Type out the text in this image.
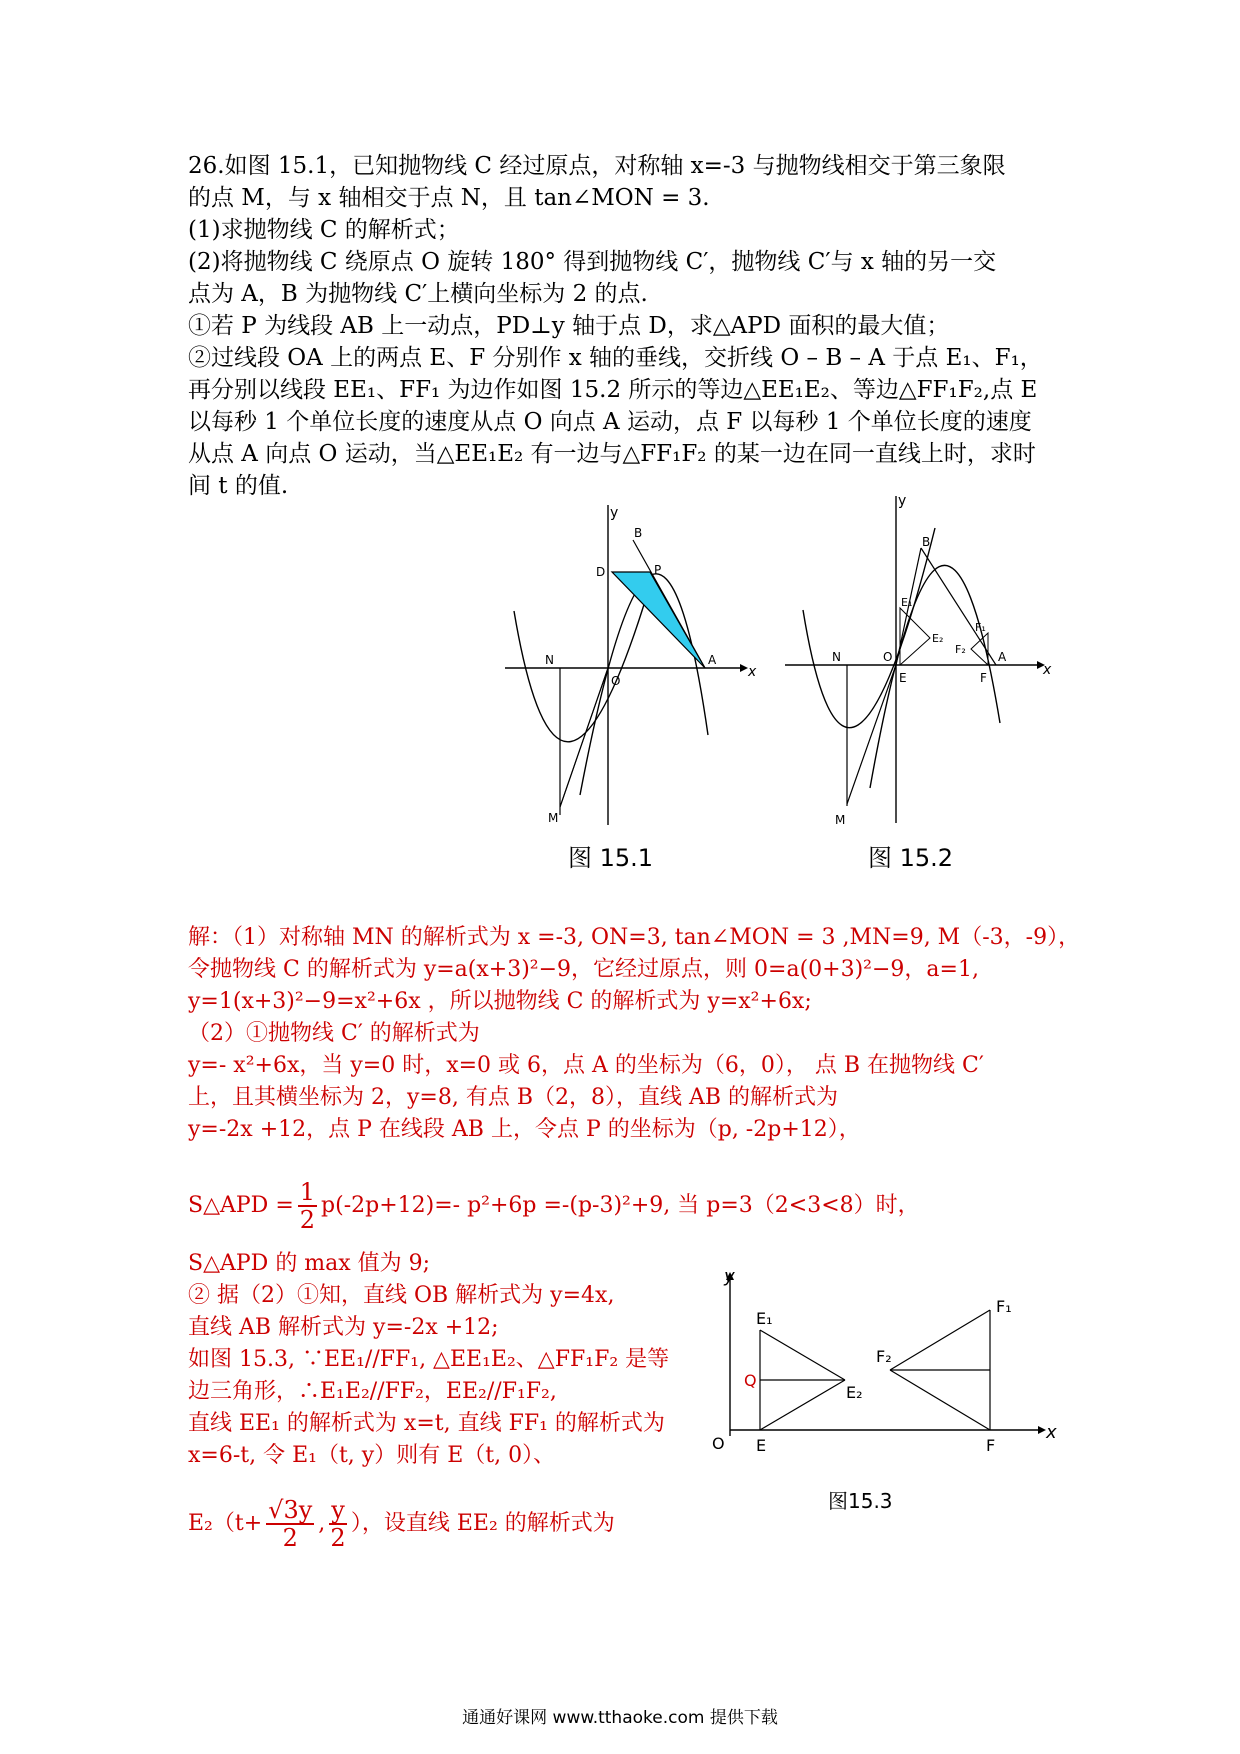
26.如图 15.1，已知抛物线 C 经过原点，对称轴 x=-3 与抛物线相交于第三象限
的点 M，与 x 轴相交于点 N，且 tan∠MON = 3.
(1)求抛物线 C 的解析式；
(2)将抛物线 C 绕原点 O 旋转 180° 得到抛物线 C′，抛物线 C′与 x 轴的另一交
点为 A，B 为抛物线 C′上横向坐标为 2 的点.
①若 P 为线段 AB 上一动点，PD⊥y 轴于点 D，求△APD 面积的最大值；
②过线段 OA 上的两点 E、F 分别作 x 轴的垂线，交折线 O – B – A 于点 E₁、F₁，
再分别以线段 EE₁、FF₁ 为边作如图 15.2 所示的等边△EE₁E₂、等边△FF₁F₂,点 E
以每秒 1 个单位长度的速度从点 O 向点 A 运动，点 F 以每秒 1 个单位长度的速度
从点 A 向点 O 运动，当△EE₁E₂ 有一边与△FF₁F₂ 的某一边在同一直线上时，求时
间 t 的值.
y
x
B
D	P
N
O
A
M
图 15.1
y
x
B
N	O
E	F
A
M
E₁
E₂
F₁
F₂
图 15.2
解：（1）对称轴 MN 的解析式为 x =-3, ON=3, tan∠MON = 3 ,MN=9, M（-3，-9），
令抛物线 C 的解析式为 y=a(x+3)²−9，它经过原点，则 0=a(0+3)²−9，a=1,
y=1(x+3)²−9=x²+6x ，所以抛物线 C 的解析式为 y=x²+6x;
（2）①抛物线 C′ 的解析式为
y=- x²+6x，当 y=0 时，x=0 或 6，点 A 的坐标为（6，0）， 点 B 在抛物线 C′
上，且其横坐标为 2，y=8, 有点 B（2，8），直线 AB 的解析式为
y=-2x +12，点 P 在线段 AB 上，令点 P 的坐标为（p, -2p+12），
S△APD = $\frac{1}{2} p(-2p+12)=-$ p²+6p =-(p-3)²+9, 当 p=3（2<3<8）时，
S△APD 的 max 值为 9;
② 据（2）①知，直线 OB 解析式为 y=4x,
直线 AB 解析式为 y=-2x +12;
如图 15.3, ∵EE₁//FF₁, △EE₁E₂、△FF₁F₂ 是等
边三角形，∴E₁E₂//FF₂，EE₂//F₁F₂,
直线 EE₁ 的解析式为 x=t, 直线 FF₁ 的解析式为
x=6-t, 令 E₁（t, y）则有 E（t, 0）、
$E_2(t+ \frac{√3y}{2}$ , $\frac{y}{2}$ ），设直线 EE₂ 的解析式为
y
x
O E	F
E₁
E₂
F₁
F₂
Q
图15.3
通通好课网 www.tthaoke.com 提供下载
